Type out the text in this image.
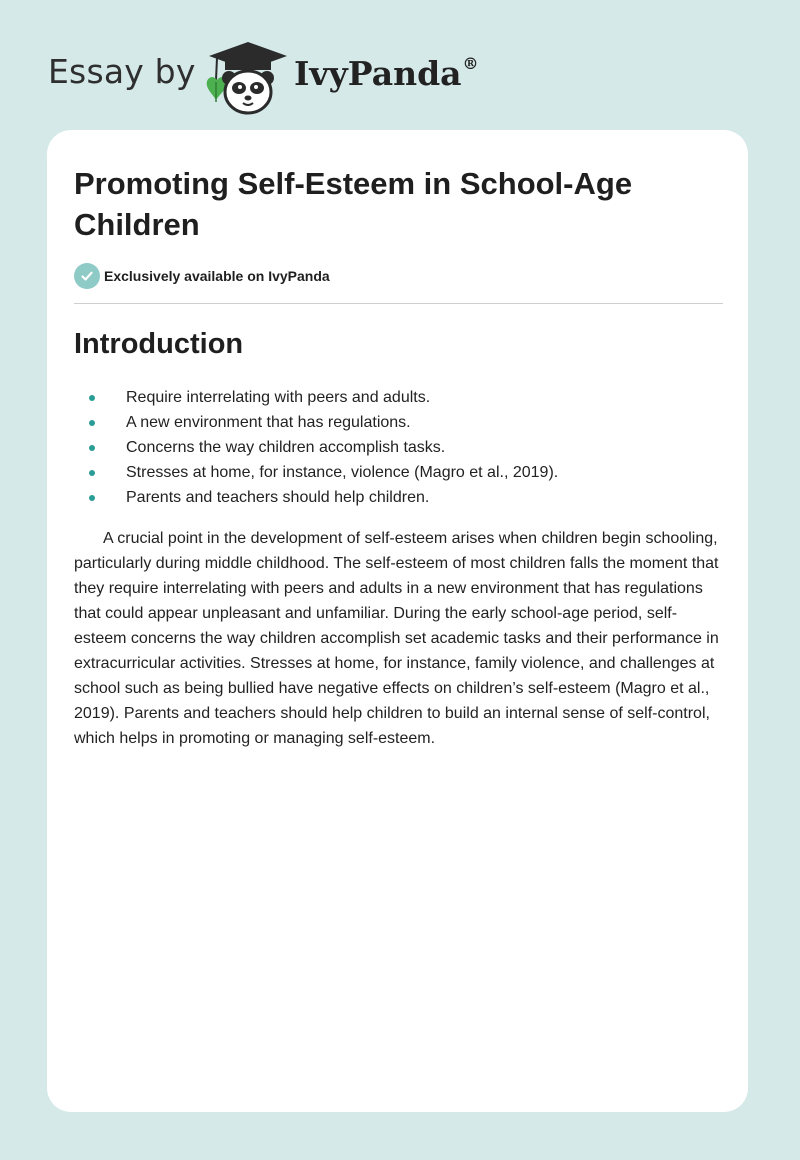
Essay by	IvyPanda®
Promoting Self-Esteem in School-Age Children
Exclusively available on IvyPanda
Introduction
Require interrelating with peers and adults.
A new environment that has regulations.
Concerns the way children accomplish tasks.
Stresses at home, for instance, violence (Magro et al., 2019).
Parents and teachers should help children.

A crucial point in the development of self-esteem arises when children begin schooling, particularly during middle childhood. The self-esteem of most children falls the moment that they require interrelating with peers and adults in a new environment that has regulations that could appear unpleasant and unfamiliar. During the early school-age period, self-esteem concerns the way children accomplish set academic tasks and their performance in extracurricular activities. Stresses at home, for instance, family violence, and challenges at school such as being bullied have negative effects on children’s self-esteem (Magro et al., 2019). Parents and teachers should help children to build an internal sense of self-control, which helps in promoting or managing self-esteem.
